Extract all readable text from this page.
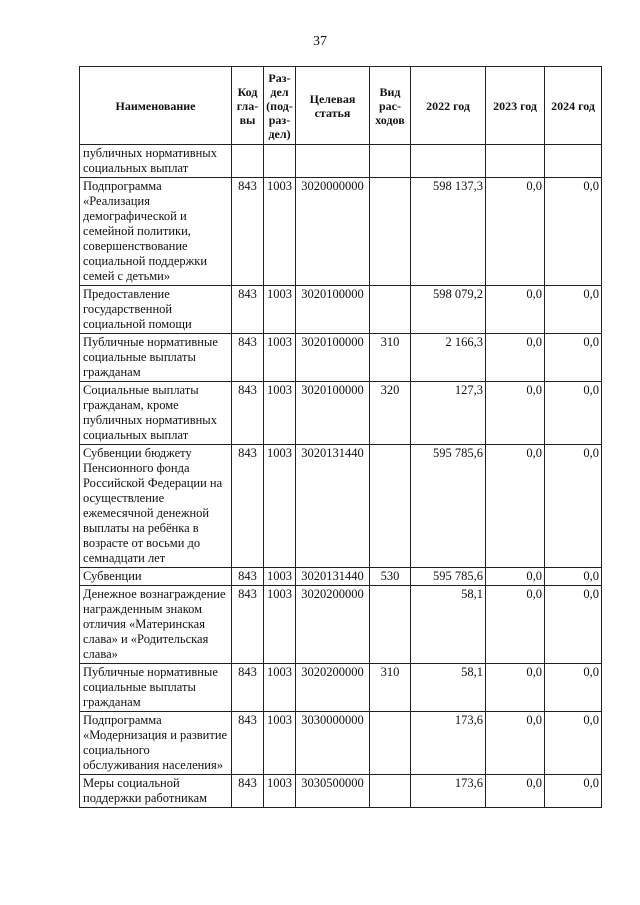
37
Наименование	Код гла- вы	Раз- дел (под- раз- дел)	Целевая статья	Вид рас- ходов	2022 год	2023 год	2024 год
публичных нормативных социальных выплат							
Подпрограмма «Реализация демографической и семейной политики, совершенствование социальной поддержки семей с детьми»	843	1003	3020000000		598 137,3	0,0	0,0
Предоставление государственной социальной помощи	843	1003	3020100000		598 079,2	0,0	0,0
Публичные нормативные социальные выплаты гражданам	843	1003	3020100000	310	2 166,3	0,0	0,0
Социальные выплаты гражданам, кроме публичных нормативных социальных выплат	843	1003	3020100000	320	127,3	0,0	0,0
Субвенции бюджету Пенсионного фонда Российской Федерации на осуществление ежемесячной денежной выплаты на ребёнка в возрасте от восьми до семнадцати лет	843	1003	3020131440		595 785,6	0,0	0,0
Субвенции	843	1003	3020131440	530	595 785,6	0,0	0,0
Денежное вознаграждение награжденным знаком отличия «Материнская слава» и «Родительская слава»	843	1003	3020200000		58,1	0,0	0,0
Публичные нормативные социальные выплаты гражданам	843	1003	3020200000	310	58,1	0,0	0,0
Подпрограмма «Модернизация и развитие социального обслуживания населения»	843	1003	3030000000		173,6	0,0	0,0
Меры социальной поддержки работникам	843	1003	3030500000		173,6	0,0	0,0
